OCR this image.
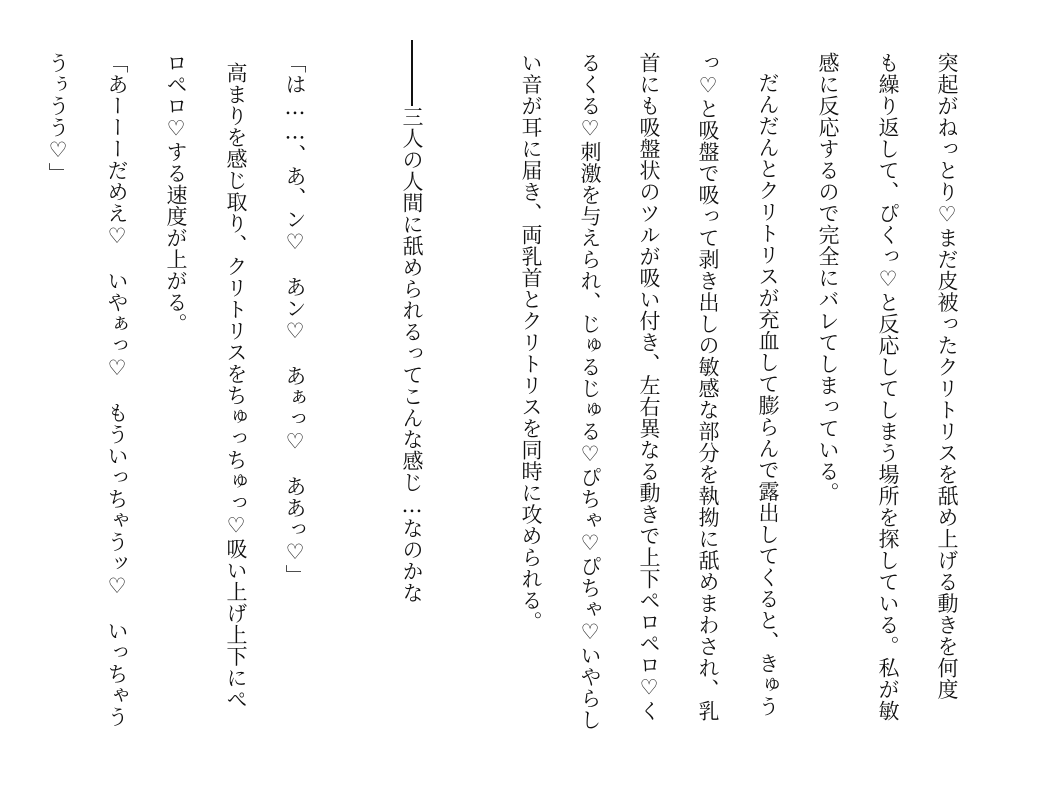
突起がねっとり♡まだ皮被ったクリトリスを舐め上げる動きを何度
も繰り返して、ぴくっ♡と反応してしまう場所を探している。私が敏
感に反応するので完全にバレてしまっている。
だんだんとクリトリスが充血して膨らんで露出してくると、きゅう
っ♡と吸盤で吸って剥き出しの敏感な部分を執拗に舐めまわされ、乳
首にも吸盤状のツルが吸い付き、左右異なる動きで上下ペロペロ♡く
るくる♡刺激を与えられ、じゅるじゅる♡ぴちゃ♡ぴちゃ♡いやらし
い音が耳に届き、両乳首とクリトリスを同時に攻められる。
三人の人間に舐められるってこんな感じ…なのかな
「は……、あ、ン♡　あン♡　あぁっ♡　ああっ♡」
高まりを感じ取り、クリトリスをちゅっちゅっ♡吸い上げ上下にぺ
ロペロ♡する速度が上がる。
「あーーーだめえ♡　いやぁっ♡　もういっちゃうッ♡　いっちゃう
うぅうう♡」
